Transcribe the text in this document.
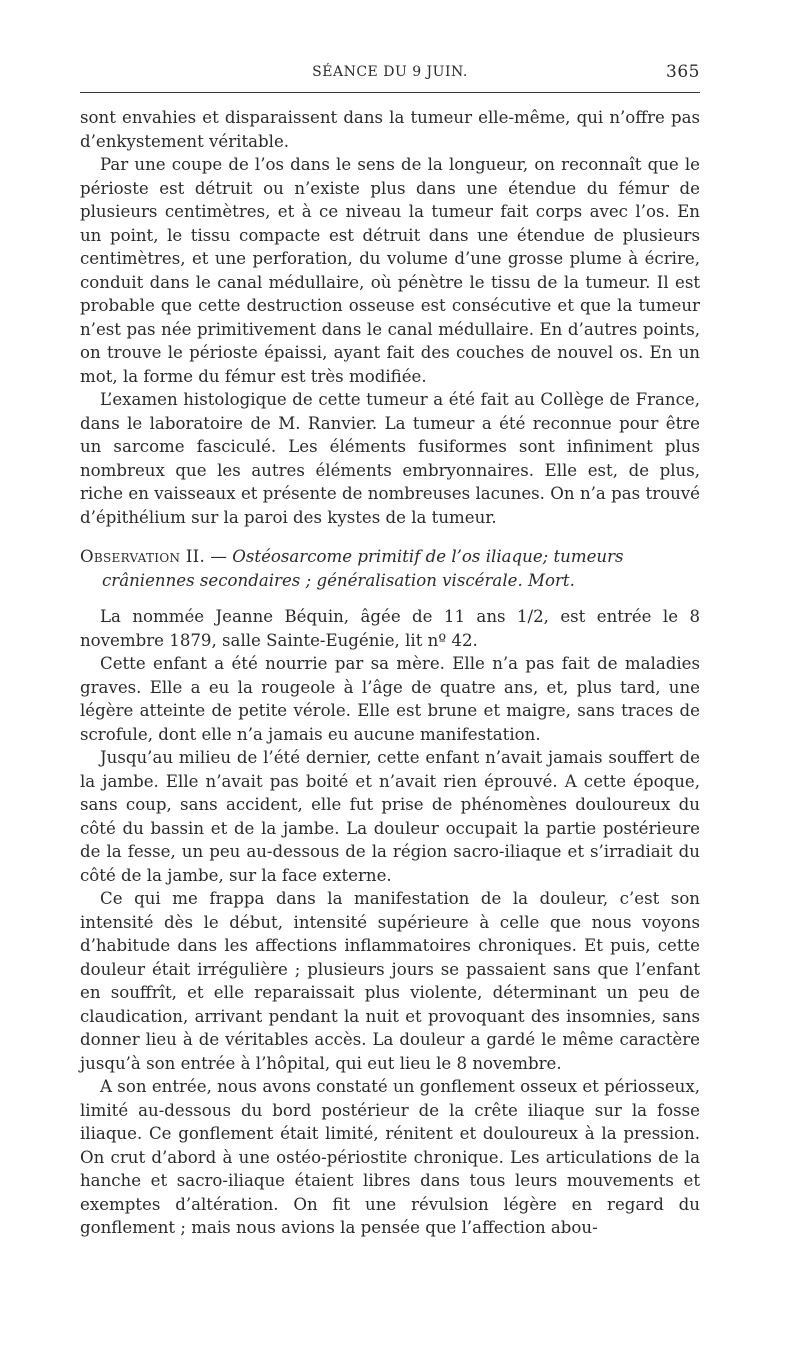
SÉANCE DU 9 JUIN.	365

sont envahies et disparaissent dans la tumeur elle-même, qui n’offre pas d’enkystement véritable.

Par une coupe de l’os dans le sens de la longueur, on reconnaît que le périoste est détruit ou n’existe plus dans une étendue du fémur de plusieurs centimètres, et à ce niveau la tumeur fait corps avec l’os. En un point, le tissu compacte est détruit dans une étendue de plusieurs centimètres, et une perforation, du volume d’une grosse plume à écrire, conduit dans le canal médullaire, où pénètre le tissu de la tumeur. Il est probable que cette destruction osseuse est consécutive et que la tumeur n’est pas née primitivement dans le canal médullaire. En d’autres points, on trouve le périoste épaissi, ayant fait des couches de nouvel os. En un mot, la forme du fémur est très modifiée.

L’examen histologique de cette tumeur a été fait au Collège de France, dans le laboratoire de M. Ranvier. La tumeur a été reconnue pour être un sarcome fasciculé. Les éléments fusiformes sont infiniment plus nombreux que les autres éléments embryonnaires. Elle est, de plus, riche en vaisseaux et présente de nombreuses lacunes. On n’a pas trouvé d’épithélium sur la paroi des kystes de la tumeur.

Observation II. — Ostéosarcome primitif de l’os iliaque; tumeurs
crâniennes secondaires ; généralisation viscérale. Mort.

La nommée Jeanne Béquin, âgée de 11 ans 1/2, est entrée le 8 novembre 1879, salle Sainte-Eugénie, lit nº 42.

Cette enfant a été nourrie par sa mère. Elle n’a pas fait de maladies graves. Elle a eu la rougeole à l’âge de quatre ans, et, plus tard, une légère atteinte de petite vérole. Elle est brune et maigre, sans traces de scrofule, dont elle n’a jamais eu aucune manifestation.

Jusqu’au milieu de l’été dernier, cette enfant n’avait jamais souffert de la jambe. Elle n’avait pas boité et n’avait rien éprouvé. A cette époque, sans coup, sans accident, elle fut prise de phénomènes douloureux du côté du bassin et de la jambe. La douleur occupait la partie postérieure de la fesse, un peu au-dessous de la région sacro-iliaque et s’irradiait du côté de la jambe, sur la face externe.

Ce qui me frappa dans la manifestation de la douleur, c’est son intensité dès le début, intensité supérieure à celle que nous voyons d’habitude dans les affections inflammatoires chroniques. Et puis, cette douleur était irrégulière ; plusieurs jours se passaient sans que l’enfant en souffrît, et elle reparaissait plus violente, déterminant un peu de claudication, arrivant pendant la nuit et provoquant des insomnies, sans donner lieu à de véritables accès. La douleur a gardé le même caractère jusqu’à son entrée à l’hôpital, qui eut lieu le 8 novembre.

A son entrée, nous avons constaté un gonflement osseux et périosseux, limité au-dessous du bord postérieur de la crête iliaque sur la fosse iliaque. Ce gonflement était limité, rénitent et douloureux à la pression. On crut d’abord à une ostéo-périostite chronique. Les articulations de la hanche et sacro-iliaque étaient libres dans tous leurs mouvements et exemptes d’altération. On fit une révulsion légère en regard du gonflement ; mais nous avions la pensée que l’affection abou-
